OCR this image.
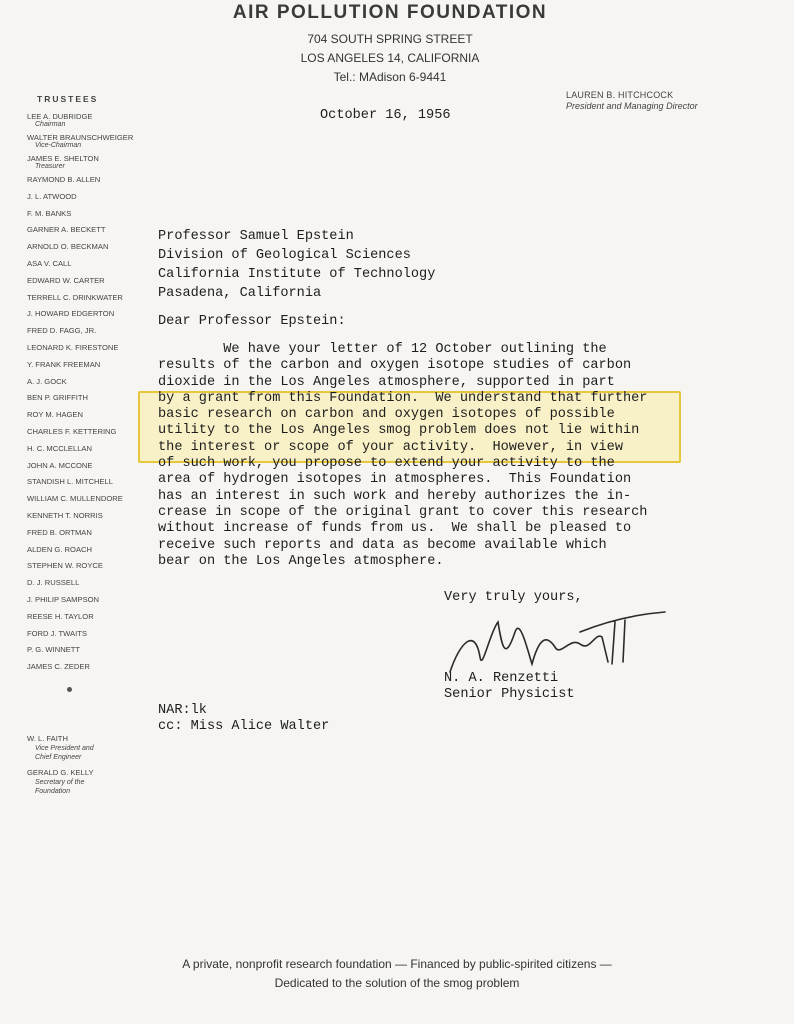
AIR POLLUTION FOUNDATION
704 SOUTH SPRING STREET
LOS ANGELES 14, CALIFORNIA
Tel.: MAdison 6-9441
LAUREN B. HITCHCOCK
President and Managing Director
October 16, 1956
TRUSTEES
LEE A. DUBRIDGE
Chairman
WALTER BRAUNSCHWEIGER
Vice-Chairman
JAMES E. SHELTON
Treasurer
RAYMOND B. ALLEN
J. L. ATWOOD
F. M. BANKS
GARNER A. BECKETT
ARNOLD O. BECKMAN
ASA V. CALL
EDWARD W. CARTER
TERRELL C. DRINKWATER
J. HOWARD EDGERTON
FRED D. FAGG, JR.
LEONARD K. FIRESTONE
Y. FRANK FREEMAN
A. J. GOCK
BEN P. GRIFFITH
ROY M. HAGEN
CHARLES F. KETTERING
H. C. MCCLELLAN
JOHN A. MCCONE
STANDISH L. MITCHELL
WILLIAM C. MULLENDORE
KENNETH T. NORRIS
FRED B. ORTMAN
ALDEN G. ROACH
STEPHEN W. ROYCE
D. J. RUSSELL
J. PHILIP SAMPSON
REESE H. TAYLOR
FORD J. TWAITS
P. G. WINNETT
JAMES C. ZEDER
W. L. FAITH
Vice President and
Chief Engineer
GERALD G. KELLY
Secretary of the
Foundation
Professor Samuel Epstein
Division of Geological Sciences
California Institute of Technology
Pasadena, California
Dear Professor Epstein:
We have your letter of 12 October outlining the
results of the carbon and oxygen isotope studies of carbon
dioxide in the Los Angeles atmosphere, supported in part
by a grant from this Foundation.  We understand that further
basic research on carbon and oxygen isotopes of possible
utility to the Los Angeles smog problem does not lie within
the interest or scope of your activity.  However, in view
of such work, you propose to extend your activity to the
area of hydrogen isotopes in atmospheres.  This Foundation
has an interest in such work and hereby authorizes the in-
crease in scope of the original grant to cover this research
without increase of funds from us.  We shall be pleased to
receive such reports and data as become available which
bear on the Los Angeles atmosphere.
Very truly yours,
N. A. Renzetti
Senior Physicist
NAR:lk
cc: Miss Alice Walter
A private, nonprofit research foundation — Financed by public-spirited citizens —
Dedicated to the solution of the smog problem
